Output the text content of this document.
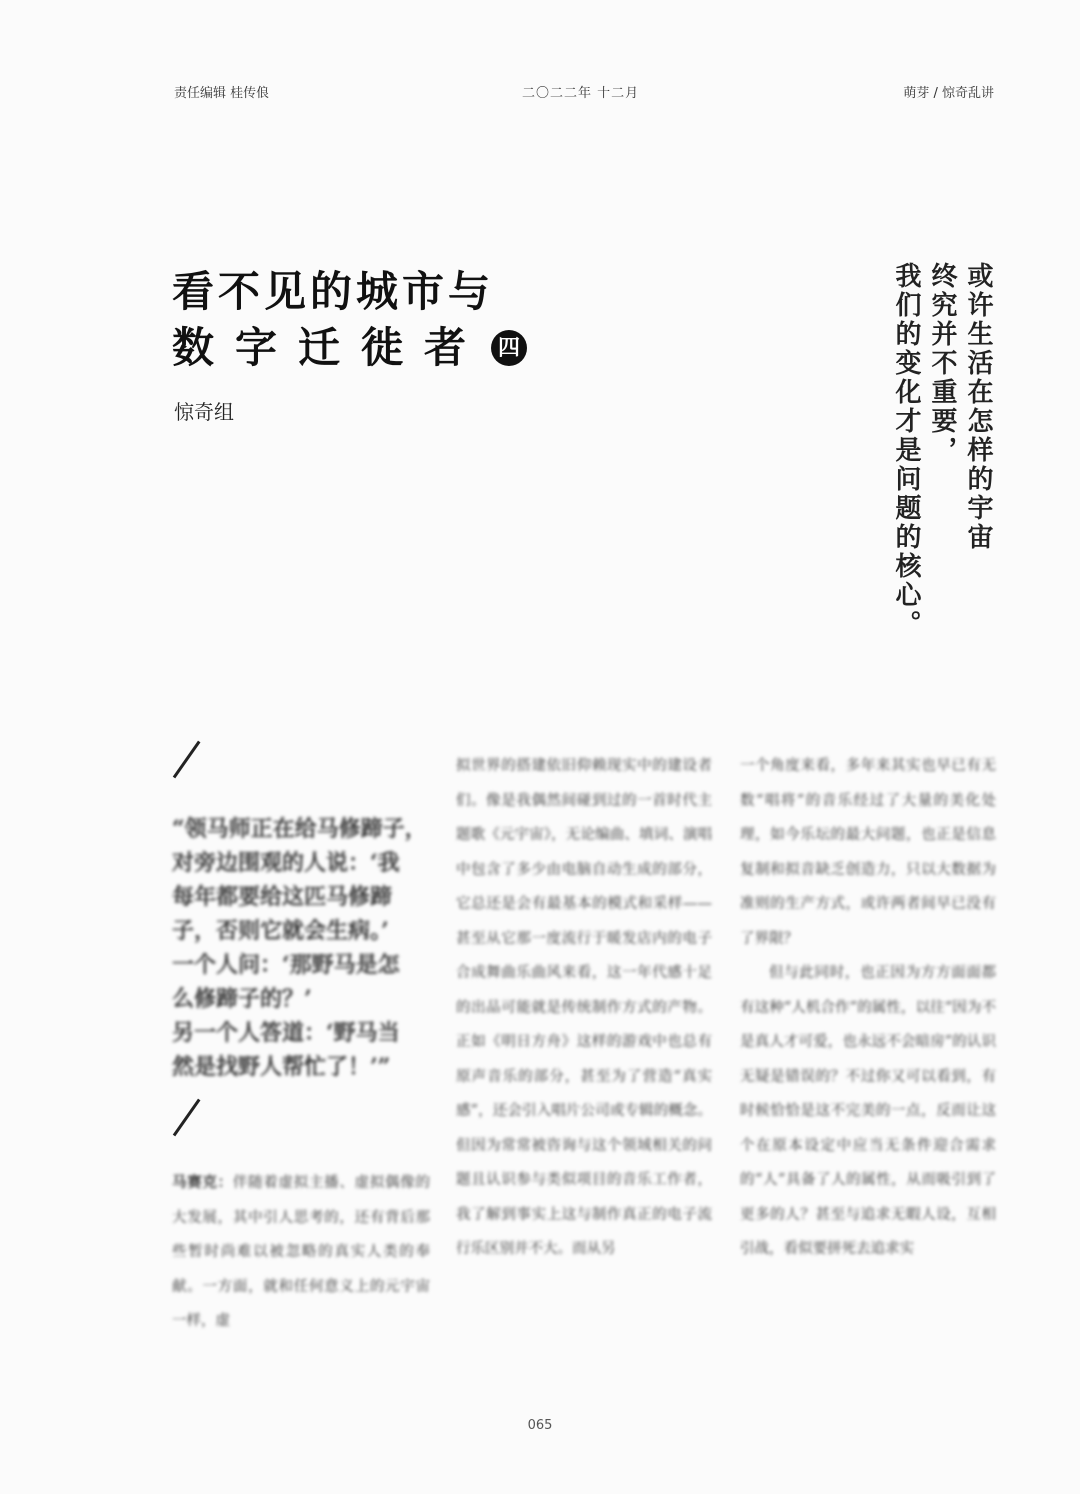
责任编辑 桂传俍	二〇二二年 十二月	萌芽 / 惊奇乱讲
看不见的城市与
数字迁徙者 四
惊奇组	或许生活在怎样的宇宙

终究并不重要，

我们的变化才是问题的核心。

“领马师正在给马修蹄子，

对旁边围观的人说：‘我

每年都要给这匹马修蹄

子，否则它就会生病。’

一个人问：‘那野马是怎

么修蹄子的？’

另一个人答道：‘野马当

然是找野人帮忙了！’”

马赛克：伴随着虚拟主播、虚拟偶像的大发展，其中引人思考的，还有背后那些暂时尚难以被忽略的真实人类的奉献。一方面，就和任何意义上的元宇宙一样，虚

拟世界的搭建依旧仰赖现实中的建设者们。像是我偶然间碰到过的一首时代主题歌《元宇宙》，无论编曲、填词、演唱中包含了多少由电脑自动生成的部分，它总还是会有最基本的模式和采样——甚至从它那一度流行于暖发店内的电子合成舞曲乐曲风来看，这一年代感十足的出品可能就是传统制作方式的产物。正如《明日方舟》这样的游戏中也总有原声音乐的部分，甚至为了营造“真实感”，还会引入唱片公司或专辑的概念。但因为常常被咨询与这个领域相关的问题且认识参与类似项目的音乐工作者，我了解到事实上这与制作真正的电子流行乐区别并不大。而从另

一个角度来看，多年来其实也早已有无数“唱将”的音乐经过了大量的美化处理，如今乐坛的最大问题，也正是信息复制和拟音缺乏创造力，只以大数据为准则的生产方式，或许两者间早已没有了界限？

但与此同时，也正因为方方面面都有这种“人机合作”的属性，以往“因为不是真人才可爱，也永远不会暗房”的认识无疑是错误的？不过你又可以看到，有时候恰恰是这不完美的一点，反而让这个在原本设定中应当无条件迎合需求的“人”具备了人的属性，从而吸引到了更多的人？甚至与追求无暇人设，互相引战，看似要拼死去追求实

065
